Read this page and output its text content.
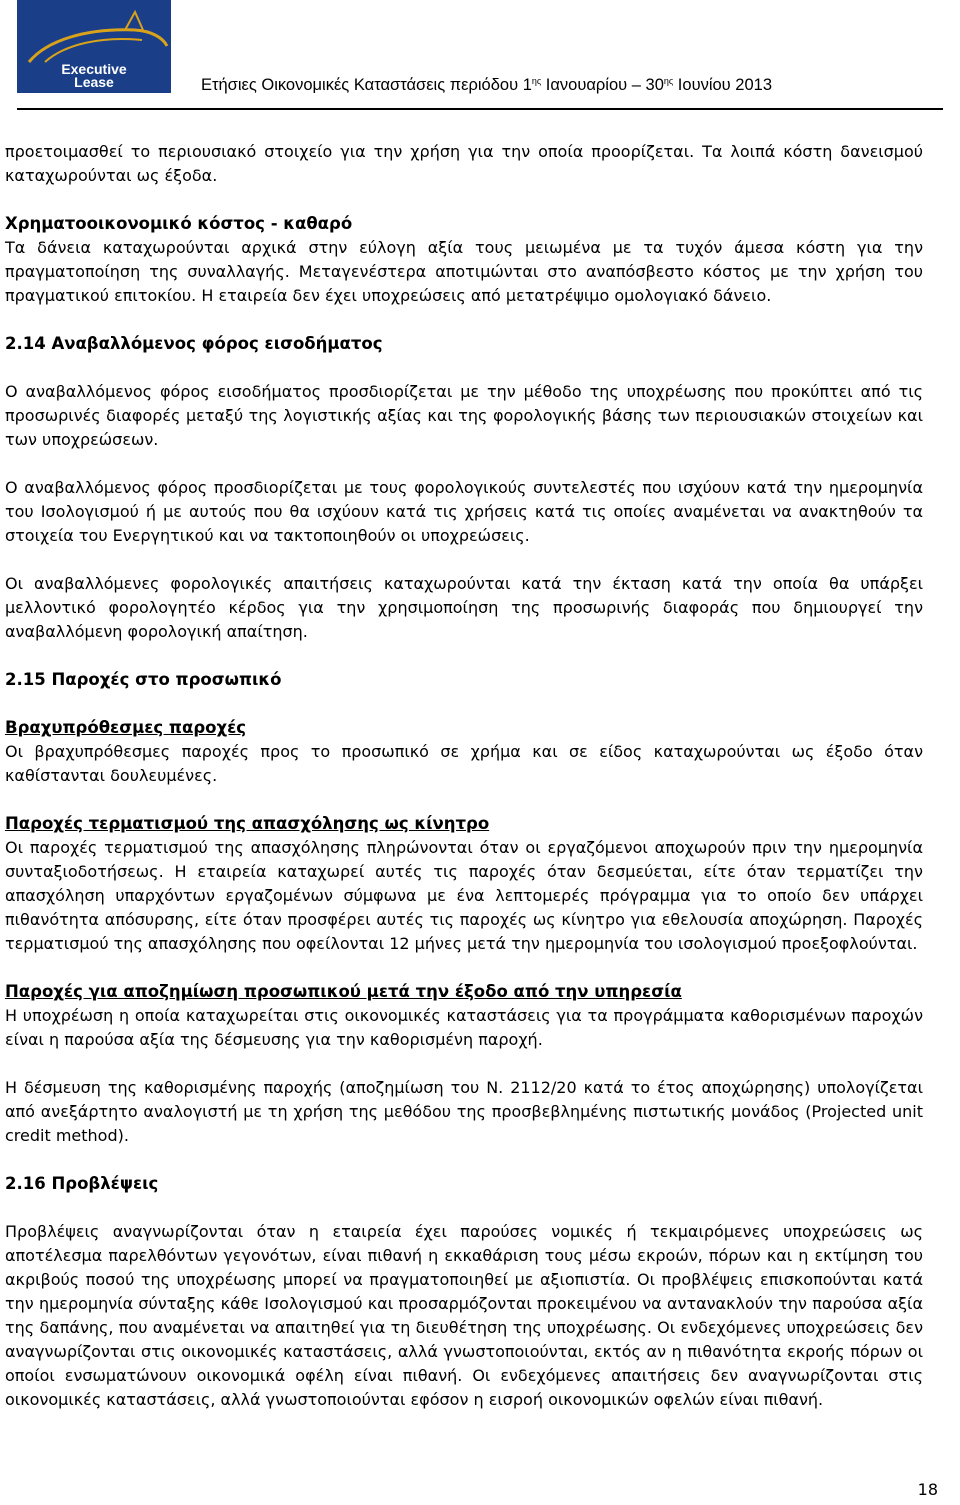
Executive
Lease	Ετήσιες Οικονομικές Καταστάσεις περιόδου $1^{\eta\varsigma}$ Ιανουαρίου – $30^{\eta\varsigma}$ Ιουνίου 2013

προετοιμασθεί το περιουσιακό στοιχείο για την χρήση για την οποία προορίζεται. Τα λοιπά κόστη δανεισμού καταχωρούνται ως έξοδα.

Χρηματοοικονομικό κόστος - καθαρό

Τα δάνεια καταχωρούνται αρχικά στην εύλογη αξία τους μειωμένα με τα τυχόν άμεσα κόστη για την πραγματοποίηση της συναλλαγής. Μεταγενέστερα αποτιμώνται στο αναπόσβεστο κόστος με την χρήση του πραγματικού επιτοκίου. Η εταιρεία δεν έχει υποχρεώσεις από μετατρέψιμο ομολογιακό δάνειο.

2.14 Αναβαλλόμενος φόρος εισοδήματος

Ο αναβαλλόμενος φόρος εισοδήματος προσδιορίζεται με την μέθοδο της υποχρέωσης που προκύπτει από τις προσωρινές διαφορές μεταξύ της λογιστικής αξίας και της φορολογικής βάσης των περιουσιακών στοιχείων και των υποχρεώσεων.

Ο αναβαλλόμενος φόρος προσδιορίζεται με τους φορολογικούς συντελεστές που ισχύουν κατά την ημερομηνία του Ισολογισμού ή με αυτούς που θα ισχύουν κατά τις χρήσεις κατά τις οποίες αναμένεται να ανακτηθούν τα στοιχεία του Ενεργητικού και να τακτοποιηθούν οι υποχρεώσεις.

Οι αναβαλλόμενες φορολογικές απαιτήσεις καταχωρούνται κατά την έκταση κατά την οποία θα υπάρξει μελλοντικό φορολογητέο κέρδος για την χρησιμοποίηση της προσωρινής διαφοράς που δημιουργεί την αναβαλλόμενη φορολογική απαίτηση.

2.15 Παροχές στο προσωπικό

Βραχυπρόθεσμες παροχές

Οι βραχυπρόθεσμες παροχές προς το προσωπικό σε χρήμα και σε είδος καταχωρούνται ως έξοδο όταν καθίστανται δουλευμένες.

Παροχές τερματισμού της απασχόλησης ως κίνητρο

Οι παροχές τερματισμού της απασχόλησης πληρώνονται όταν οι εργαζόμενοι αποχωρούν πριν την ημερομηνία συνταξιοδοτήσεως. Η εταιρεία καταχωρεί αυτές τις παροχές όταν δεσμεύεται, είτε όταν τερματίζει την απασχόληση υπαρχόντων εργαζομένων σύμφωνα με ένα λεπτομερές πρόγραμμα για το οποίο δεν υπάρχει πιθανότητα απόσυρσης, είτε όταν προσφέρει αυτές τις παροχές ως κίνητρο για εθελουσία αποχώρηση. Παροχές τερματισμού της απασχόλησης που οφείλονται 12 μήνες μετά την ημερομηνία του ισολογισμού προεξοφλούνται.

Παροχές για αποζημίωση προσωπικού μετά την έξοδο από την υπηρεσία

Η υποχρέωση η οποία καταχωρείται στις οικονομικές καταστάσεις για τα προγράμματα καθορισμένων παροχών είναι η παρούσα αξία της δέσμευσης για την καθορισμένη παροχή.

Η δέσμευση της καθορισμένης παροχής (αποζημίωση του Ν. 2112/20 κατά το έτος αποχώρησης) υπολογίζεται από ανεξάρτητο αναλογιστή με τη χρήση της μεθόδου της προσβεβλημένης πιστωτικής μονάδος (Projected unit credit method).

2.16 Προβλέψεις

Προβλέψεις αναγνωρίζονται όταν η εταιρεία έχει παρούσες νομικές ή τεκμαιρόμενες υποχρεώσεις ως αποτέλεσμα παρελθόντων γεγονότων, είναι πιθανή η εκκαθάριση τους μέσω εκροών, πόρων και η εκτίμηση του ακριβούς ποσού της υποχρέωσης μπορεί να πραγματοποιηθεί με αξιοπιστία. Οι προβλέψεις επισκοπούνται κατά την ημερομηνία σύνταξης κάθε Ισολογισμού και προσαρμόζονται προκειμένου να αντανακλούν την παρούσα αξία της δαπάνης, που αναμένεται να απαιτηθεί για τη διευθέτηση της υποχρέωσης. Οι ενδεχόμενες υποχρεώσεις δεν αναγνωρίζονται στις οικονομικές καταστάσεις, αλλά γνωστοποιούνται, εκτός αν η πιθανότητα εκροής πόρων οι οποίοι ενσωματώνουν οικονομικά οφέλη είναι πιθανή. Οι ενδεχόμενες απαιτήσεις δεν αναγνωρίζονται στις οικονομικές καταστάσεις, αλλά γνωστοποιούνται εφόσον η εισροή οικονομικών οφελών είναι πιθανή.

18
